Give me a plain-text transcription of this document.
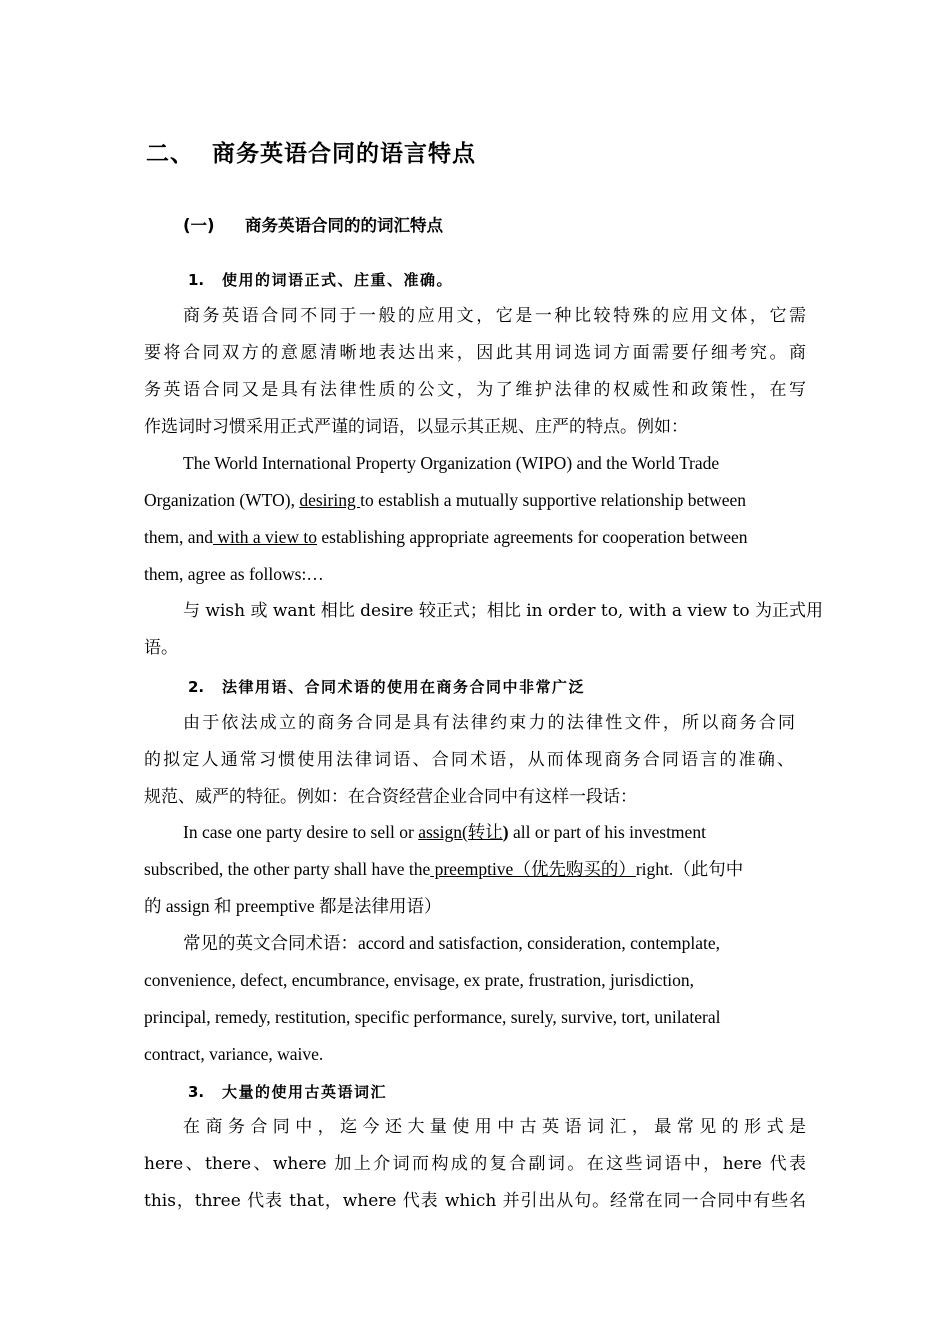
二、 商务英语合同的语言特点
(一) 商务英语合同的的词汇特点
1. 使用的词语正式、庄重、准确。
商务英语合同不同于一般的应用文，它是一种比较特殊的应用文体，它需
要将合同双方的意愿清晰地表达出来，因此其用词选词方面需要仔细考究。商
务英语合同又是具有法律性质的公文，为了维护法律的权威性和政策性，在写
作选词时习惯采用正式严谨的词语，以显示其正规、庄严的特点。例如：
The World International Property Organization (WIPO) and the World Trade
Organization (WTO), desiring to establish a mutually supportive relationship between
them, and with a view to establishing appropriate agreements for cooperation between
them, agree as follows:…
与 wish 或 want 相比 desire 较正式；相比 in order to, with a view to 为正式用
语。
2. 法律用语、合同术语的使用在商务合同中非常广泛
由于依法成立的商务合同是具有法律约束力的法律性文件，所以商务合同
的拟定人通常习惯使用法律词语、合同术语，从而体现商务合同语言的准确、
规范、威严的特征。例如：在合资经营企业合同中有这样一段话：
In case one party desire to sell or assign(转让) all or part of his investment
subscribed, the other party shall have the preemptive（优先购买的）right.（此句中
的 assign 和 preemptive 都是法律用语）
常见的英文合同术语：accord and satisfaction, consideration, contemplate,
convenience, defect, encumbrance, envisage, ex prate, frustration, jurisdiction,
principal, remedy, restitution, specific performance, surely, survive, tort, unilateral
contract, variance, waive.
3. 大量的使用古英语词汇
在商务合同中，迄今还大量使用中古英语词汇，最常见的形式是
here、there、where 加上介词而构成的复合副词。在这些词语中，here 代表
this，three 代表 that，where 代表 which 并引出从句。经常在同一合同中有些名
